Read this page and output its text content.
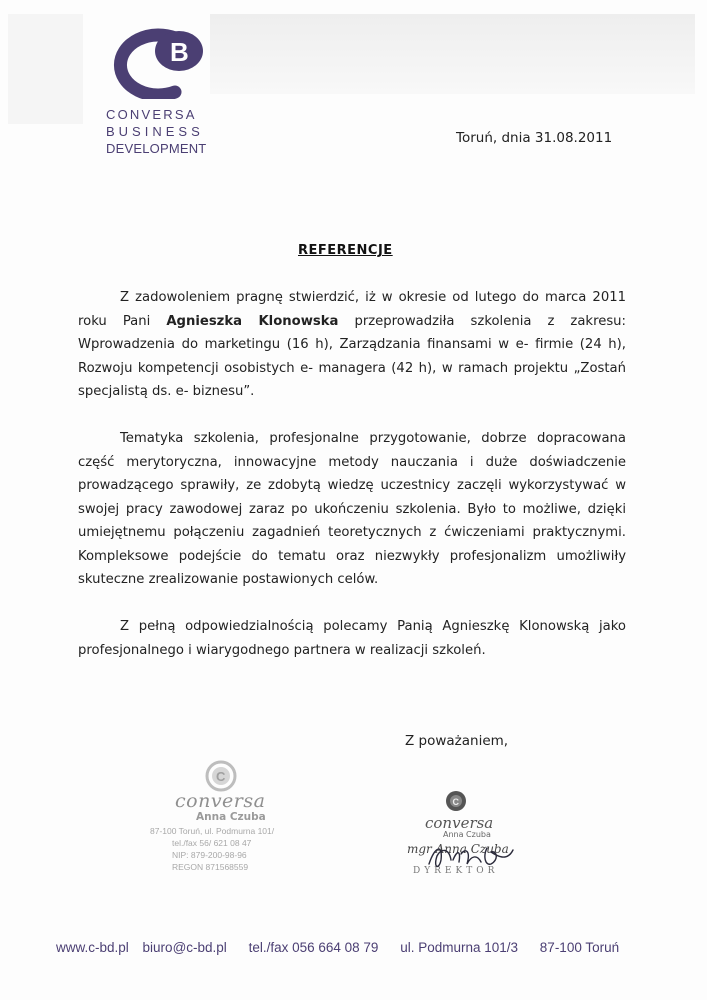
B
CONVERSA
BUSINESS
DEVELOPMENT
Toruń, dnia 31.08.2011
REFERENCJE

Z zadowoleniem pragnę stwierdzić, iż w okresie od lutego do marca 2011 roku Pani Agnieszka Klonowska przeprowadziła szkolenia z zakresu: Wprowadzenia do marketingu (16 h), Zarządzania finansami w e- firmie (24 h), Rozwoju kompetencji osobistych e- managera (42 h), w ramach projektu „Zostań specjalistą ds. e- biznesu”.

Tematyka szkolenia, profesjonalne przygotowanie, dobrze dopracowana część merytoryczna, innowacyjne metody nauczania i duże doświadczenie prowadzącego sprawiły, ze zdobytą wiedzę uczestnicy zaczęli wykorzystywać w swojej pracy zawodowej zaraz po ukończeniu szkolenia. Było to możliwe, dzięki umiejętnemu połączeniu zagadnień teoretycznych z ćwiczeniami praktycznymi. Kompleksowe podejście do tematu oraz niezwykły profesjonalizm umożliwiły skuteczne zrealizowanie postawionych celów.

Z pełną odpowiedzialnością polecamy Panią Agnieszkę Klonowską jako profesjonalnego i wiarygodnego partnera w realizacji szkoleń.

Z poważaniem,
C
conversa
Anna Czuba
87-100 Toruń, ul. Podmurna 101/
tel./fax 56/ 621 08 47
NIP: 879-200-98-96
REGON 871568559
C
conversa
Anna Czuba
mgr Anna Czuba
DYREKTOR
www.c-bd.pl biuro@c-bd.pl tel./fax 056 664 08 79 ul. Podmurna 101/3 87-100 Toruń
